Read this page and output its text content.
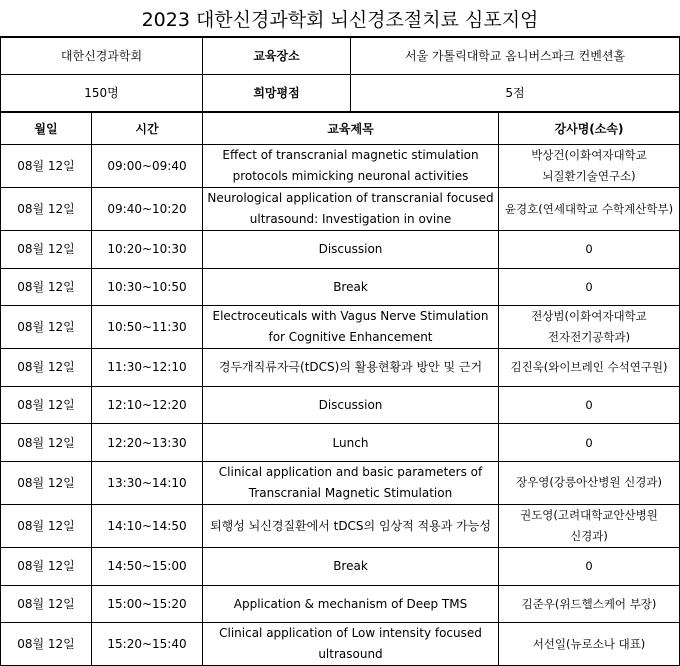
2023 대한신경과학회 뇌신경조절치료 심포지엄
대한신경과학회	교육장소	서울 가톨릭대학교 옴니버스파크 컨벤션홀
150명	희망평점	5점
월일	시간	교육제목	강사명(소속)
08월 12일	09:00~09:40	Effect of transcranial magnetic stimulation protocols mimicking neuronal activities	박상건(이화여자대학교 뇌질환기술연구소)
08월 12일	09:40~10:20	Neurological application of transcranial focused ultrasound: Investigation in ovine	윤경호(연세대학교 수학계산학부)
08월 12일	10:20~10:30	Discussion	0
08월 12일	10:30~10:50	Break	0
08월 12일	10:50~11:30	Electroceuticals with Vagus Nerve Stimulation for Cognitive Enhancement	전상범(이화여자대학교 전자전기공학과)
08월 12일	11:30~12:10	경두개직류자극(tDCS)의 활용현황과 방안 및 근거	김진욱(와이브레인 수석연구원)
08월 12일	12:10~12:20	Discussion	0
08월 12일	12:20~13:30	Lunch	0
08월 12일	13:30~14:10	Clinical application and basic parameters of Transcranial Magnetic Stimulation	장우영(강릉아산병원 신경과)
08월 12일	14:10~14:50	퇴행성 뇌신경질환에서 tDCS의 임상적 적용과 가능성	권도영(고려대학교안산병원 신경과)
08월 12일	14:50~15:00	Break	0
08월 12일	15:00~15:20	Application & mechanism of Deep TMS	김준우(위드헬스케어 부장)
08월 12일	15:20~15:40	Clinical application of Low intensity focused ultrasound	서선일(뉴로소나 대표)
